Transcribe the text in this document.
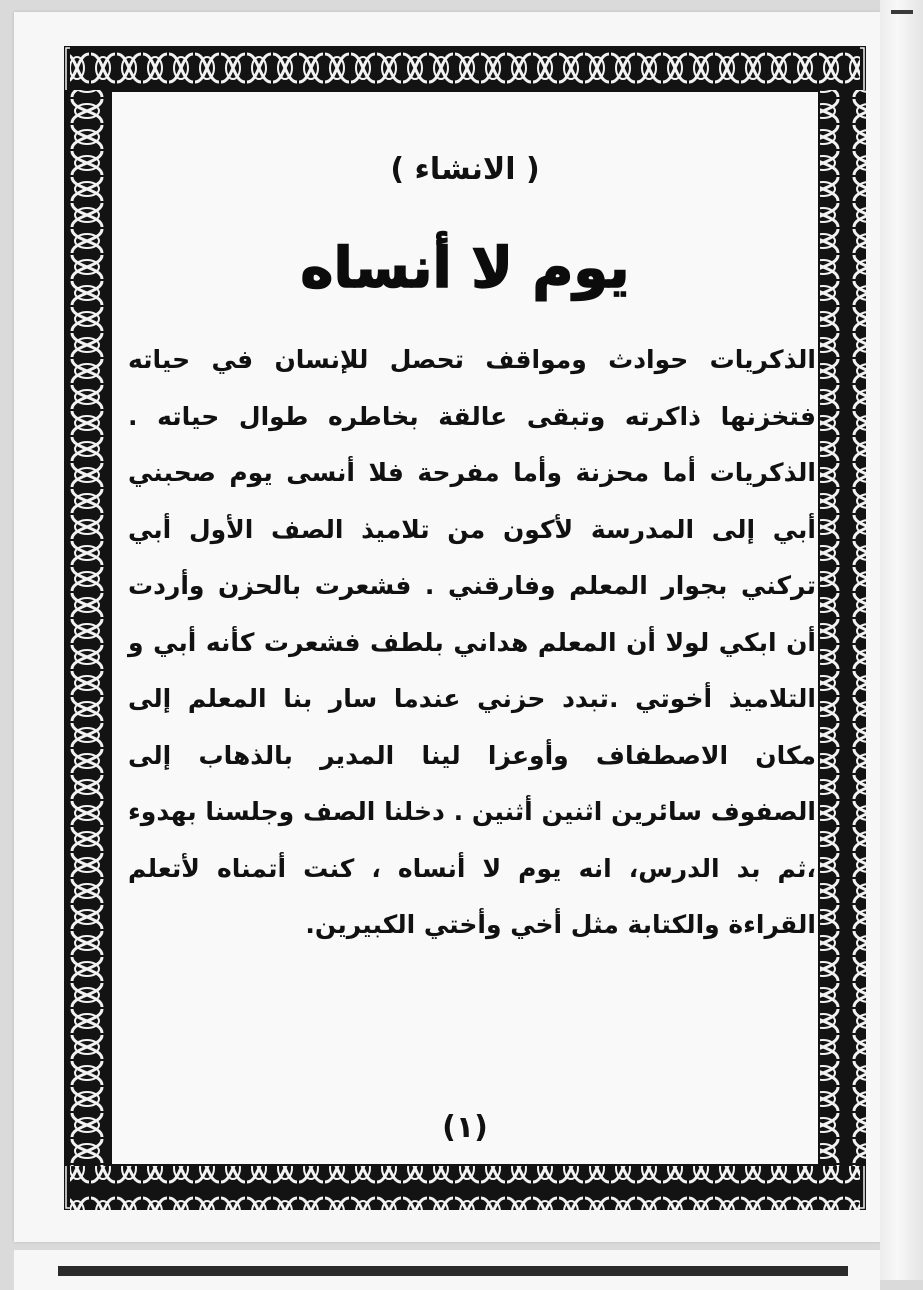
( الانشاء )
يوم لا أنساه
الذكريات حوادث ومواقف تحصل للإنسان في حياته فتخزنها ذاكرته وتبقى عالقة بخاطره طوال حياته . الذكريات أما محزنة وأما مفرحة فلا أنسى يوم صحبني أبي إلى المدرسة لأكون من تلاميذ الصف الأول أبي تركني بجوار المعلم وفارقني . فشعرت بالحزن وأردت أن ابكي لولا أن المعلم هداني بلطف فشعرت كأنه أبي و التلاميذ أخوتي .تبدد حزني عندما سار بنا المعلم إلى مكان الاصطفاف وأوعزا لينا المدير بالذهاب إلى الصفوف سائرين اثنين أثنين . دخلنا الصف وجلسنا بهدوء ،ثم بد الدرس، انه يوم لا أنساه ، كنت أتمناه لأتعلم القراءة والكتابة مثل أخي وأختي الكبيرين.
(١)
